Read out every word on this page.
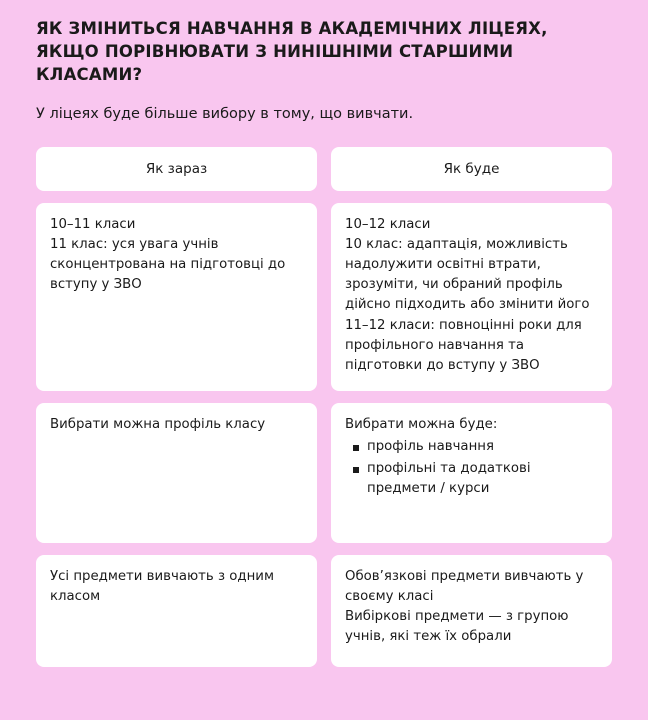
ЯК ЗМІНИТЬСЯ НАВЧАННЯ В АКАДЕМІЧНИХ ЛІЦЕЯХ, ЯКЩО ПОРІВНЮВАТИ З НИНІШНІМИ СТАРШИМИ КЛАСАМИ?

У ліцеях буде більше вибору в тому, що вивчати.

Як зараз

10–11 класи

11 клас: уся увага учнів сконцентрована на підготовці до вступу у ЗВО

Вибрати можна профіль класу

Усі предмети вивчають з одним класом

Як буде

10–12 класи

10 клас: адаптація, можливість надолужити освітні втрати, зрозуміти, чи обраний профіль дійсно підходить або змінити його

11–12 класи: повноцінні роки для профільного навчання та підготовки до вступу у ЗВО

Вибрати можна буде:

профіль навчання
профільні та додаткові предмети / курси

Обов’язкові предмети вивчають у своєму класі

Вибіркові предмети — з групою учнів, які теж їх обрали
